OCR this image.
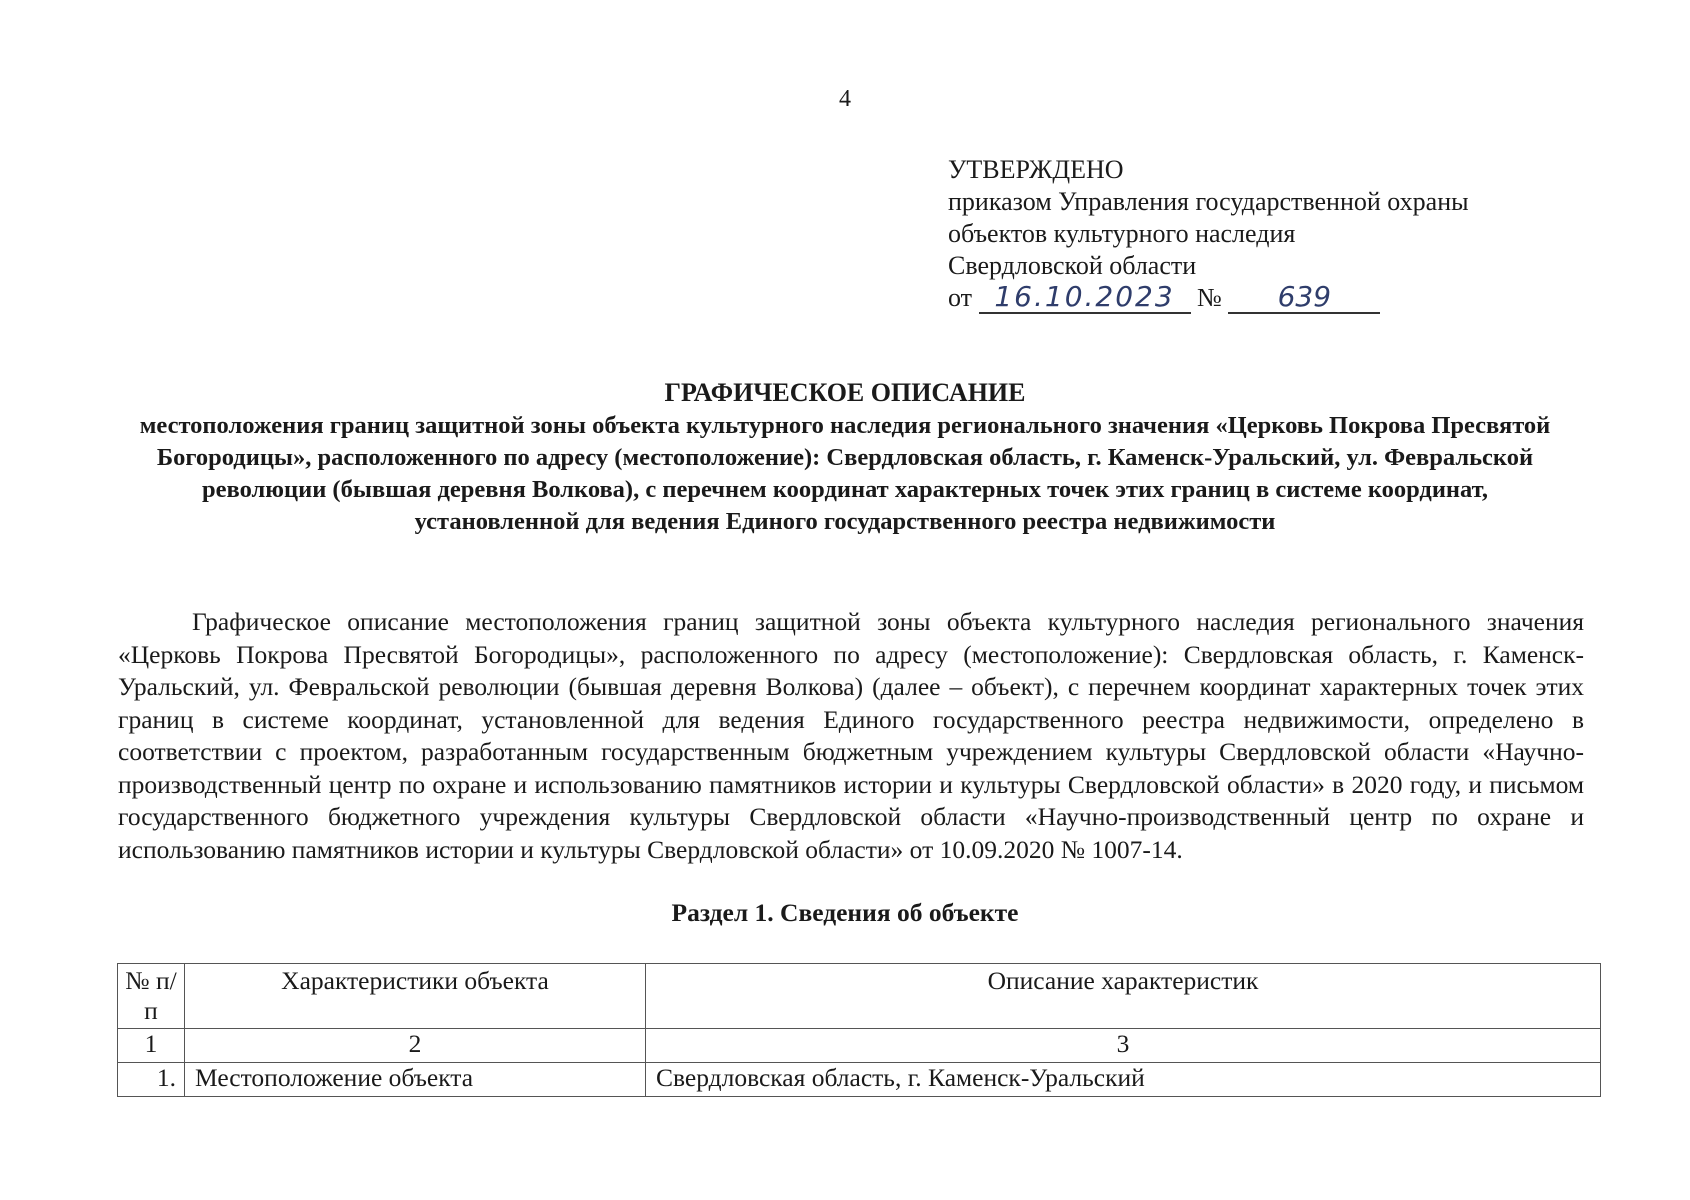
4
УТВЕРЖДЕНО
приказом Управления государственной охраны
объектов культурного наследия
Свердловской области
от 16.10.2023 № 639
ГРАФИЧЕСКОЕ ОПИСАНИЕ
местоположения границ защитной зоны объекта культурного наследия регионального значения «Церковь Покрова Пресвятой Богородицы», расположенного по адресу (местоположение): Свердловская область, г. Каменск-Уральский, ул. Февральской революции (бывшая деревня Волкова), с перечнем координат характерных точек этих границ в системе координат, установленной для ведения Единого государственного реестра недвижимости

Графическое описание местоположения границ защитной зоны объекта культурного наследия регионального значения «Церковь Покрова Пресвятой Богородицы», расположенного по адресу (местоположение): Свердловская область, г. Каменск-Уральский, ул. Февральской революции (бывшая деревня Волкова) (далее – объект), с перечнем координат характерных точек этих границ в системе координат, установленной для ведения Единого государственного реестра недвижимости, определено в соответствии с проектом, разработанным государственным бюджетным учреждением культуры Свердловской области «Научно-производственный центр по охране и использованию памятников истории и культуры Свердловской области» в 2020 году, и письмом государственного бюджетного учреждения культуры Свердловской области «Научно-производственный центр по охране и использованию памятников истории и культуры Свердловской области» от 10.09.2020 № 1007-14.

Раздел 1. Сведения об объекте
№ п/п	Характеристики объекта	Описание характеристик
1	2	3
1.	Местоположение объекта	Свердловская область, г. Каменск-Уральский
